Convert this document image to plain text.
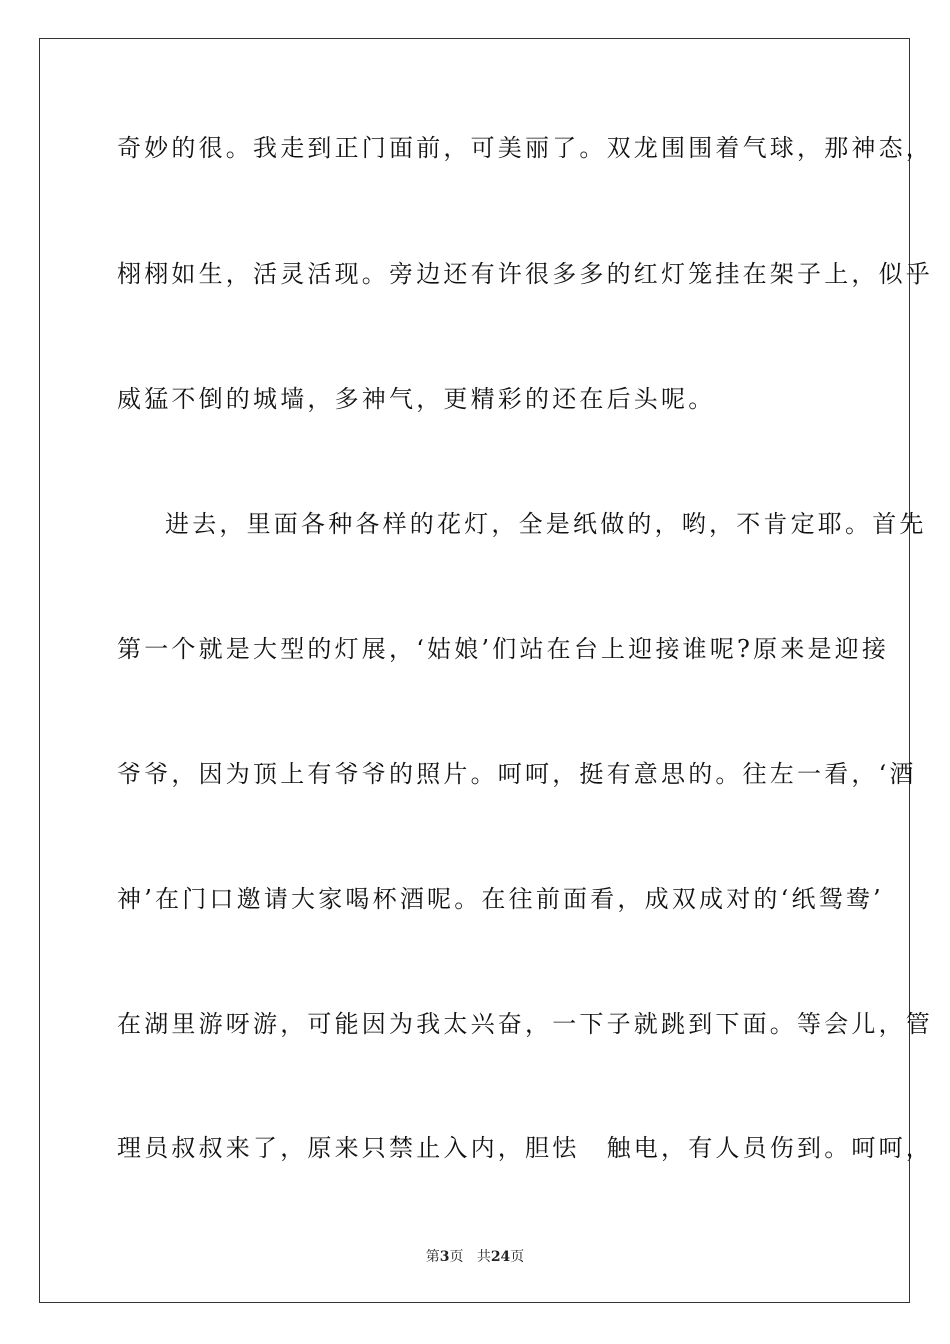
奇妙的很。我走到正门面前，可美丽了。双龙围围着气球，那神态，
栩栩如生，活灵活现。旁边还有许很多多的红灯笼挂在架子上，似乎
威猛不倒的城墙，多神气，更精彩的还在后头呢。
进去，里面各种各样的花灯，全是纸做的，哟，不肯定耶。首先
第一个就是大型的灯展，‘姑娘’们站在台上迎接谁呢?原来是迎接
爷爷，因为顶上有爷爷的照片。呵呵，挺有意思的。往左一看，‘酒
神’在门口邀请大家喝杯酒呢。在往前面看，成双成对的‘纸鸳鸯’
在湖里游呀游，可能因为我太兴奋，一下子就跳到下面。等会儿，管
理员叔叔来了，原来只禁止入内，胆怯　触电，有人员伤到。呵呵，
第3页 共24页
